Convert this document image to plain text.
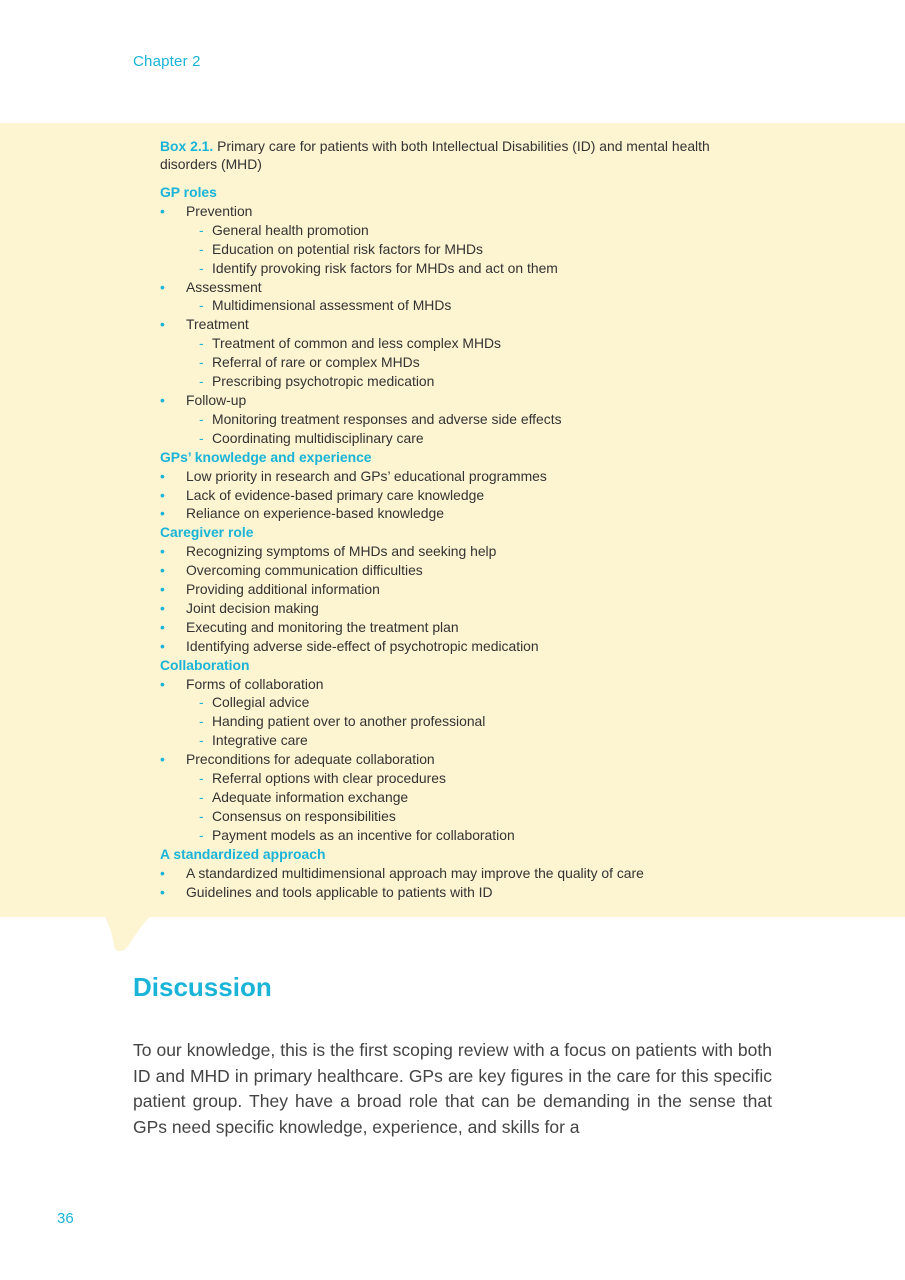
Chapter 2

Box 2.1. Primary care for patients with both Intellectual Disabilities (ID) and mental health disorders (MHD)

GP roles
• Prevention
- General health promotion
- Education on potential risk factors for MHDs
- Identify provoking risk factors for MHDs and act on them
• Assessment
- Multidimensional assessment of MHDs
• Treatment
- Treatment of common and less complex MHDs
- Referral of rare or complex MHDs
- Prescribing psychotropic medication
• Follow-up
- Monitoring treatment responses and adverse side effects
- Coordinating multidisciplinary care
GPs’ knowledge and experience
• Low priority in research and GPs’ educational programmes
• Lack of evidence-based primary care knowledge
• Reliance on experience-based knowledge
Caregiver role
• Recognizing symptoms of MHDs and seeking help
• Overcoming communication difficulties
• Providing additional information
• Joint decision making
• Executing and monitoring the treatment plan
• Identifying adverse side-effect of psychotropic medication
Collaboration
• Forms of collaboration
- Collegial advice
- Handing patient over to another professional
- Integrative care
• Preconditions for adequate collaboration
- Referral options with clear procedures
- Adequate information exchange
- Consensus on responsibilities
- Payment models as an incentive for collaboration
A standardized approach
• A standardized multidimensional approach may improve the quality of care
• Guidelines and tools applicable to patients with ID
Discussion

To our knowledge, this is the first scoping review with a focus on patients with both ID and MHD in primary healthcare. GPs are key figures in the care for this specific patient group. They have a broad role that can be demanding in the sense that GPs need specific knowledge, experience, and skills for a

36
